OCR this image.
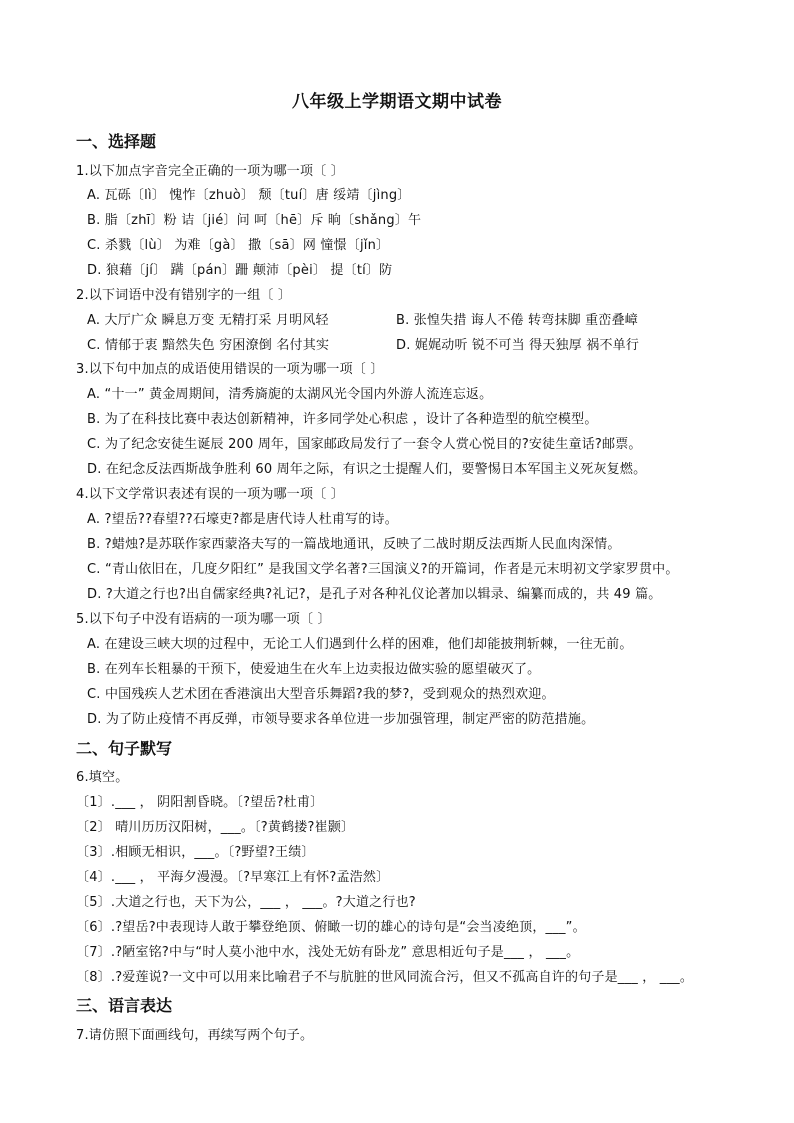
八年级上学期语文期中试卷
一、选择题
1.以下加点字音完全正确的一项为哪一项〔 〕
A. 瓦砾〔lì〕 愧怍〔zhuò〕 颓〔tuí〕唐 绥靖〔jìng〕
B. 脂〔zhī〕粉 诘〔jié〕问 呵〔hē〕斥 晌〔shǎng〕午
C. 杀戮〔lù〕 为难〔gà〕 撒〔sā〕网 憧憬〔jǐn〕
D. 狼藉〔jí〕 蹒〔pán〕跚 颠沛〔pèi〕 提〔tí〕防
2.以下词语中没有错别字的一组〔 〕
A. 大厅广众 瞬息万变 无精打采 月明风轻	B. 张惶失措 诲人不倦 转弯抹脚 重峦叠嶂
C. 情郁于衷 黯然失色 穷困潦倒 名付其实	D. 娓娓动听 锐不可当 得天独厚 祸不单行
3.以下句中加点的成语使用错误的一项为哪一项〔 〕
A. “十一” 黄金周期间，清秀旖旎的太湖风光令国内外游人流连忘返。
B. 为了在科技比赛中表达创新精神，许多同学处心积虑 ，设计了各种造型的航空模型。
C. 为了纪念安徒生诞辰 200 周年，国家邮政局发行了一套令人赏心悦目的?安徒生童话?邮票。
D. 在纪念反法西斯战争胜利 60 周年之际，有识之士提醒人们，要警惕日本军国主义死灰复燃。
4.以下文学常识表述有误的一项为哪一项〔 〕
A. ?望岳??春望??石壕吏?都是唐代诗人杜甫写的诗。
B. ?蜡烛?是苏联作家西蒙洛夫写的一篇战地通讯，反映了二战时期反法西斯人民血肉深情。
C. “青山依旧在，几度夕阳红” 是我国文学名著?三国演义?的开篇词，作者是元末明初文学家罗贯中。
D. ?大道之行也?出自儒家经典?礼记?，是孔子对各种礼仪论著加以辑录、编纂而成的，共 49 篇。
5.以下句子中没有语病的一项为哪一项〔 〕
A. 在建设三峡大坝的过程中，无论工人们遇到什么样的困难，他们却能披荆斩棘，一往无前。
B. 在列车长粗暴的干预下，使爱迪生在火车上边卖报边做实验的愿望破灭了。
C. 中国残疾人艺术团在香港演出大型音乐舞蹈?我的梦?，受到观众的热烈欢迎。
D. 为了防止疫情不再反弹，市领导要求各单位进一步加强管理，制定严密的防范措施。
二、句子默写
6.填空。
〔1〕.___ ， 阴阳割昏晓。〔?望岳?杜甫〕
〔2〕 晴川历历汉阳树，___。〔?黄鹤搂?崔颢〕
〔3〕.相顾无相识，___。〔?野望?王绩〕
〔4〕.___ ， 平海夕漫漫。〔?早寒江上有怀?孟浩然〕
〔5〕.大道之行也，天下为公，___ ， ___。?大道之行也?
〔6〕.?望岳?中表现诗人敢于攀登绝顶、俯瞰一切的雄心的诗句是“会当凌绝顶，___”。
〔7〕.?陋室铭?中与“时人莫小池中水，浅处无妨有卧龙” 意思相近句子是___ ， ___。
〔8〕.?爱莲说?一文中可以用来比喻君子不与肮脏的世风同流合污，但又不孤高自许的句子是___ ， ___。
三、语言表达
7.请仿照下面画线句，再续写两个句子。
